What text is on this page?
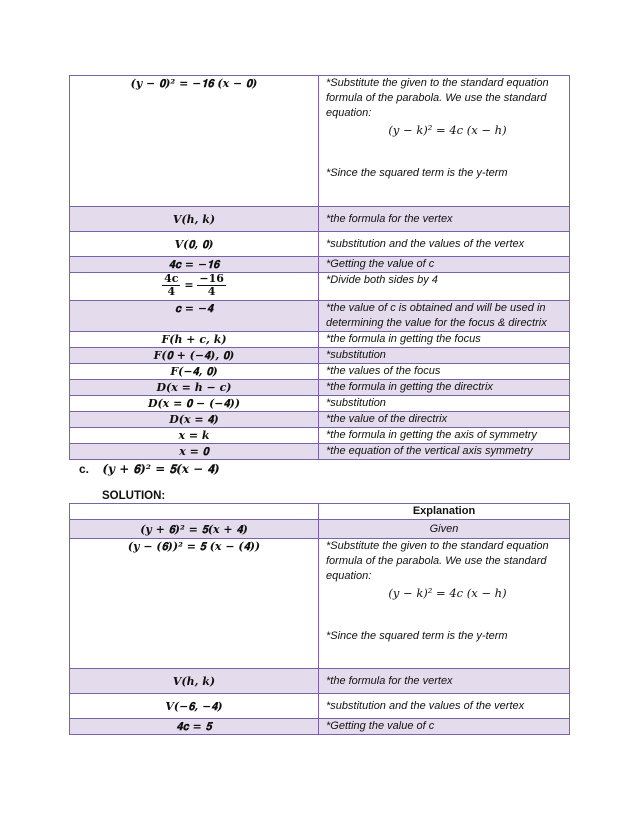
(𝒚 − 𝟎)² = −𝟏𝟔 (𝒙 − 𝟎)	*Substitute the given to the standard equation formula of the parabola. We use the standard equation:
(y − k)² = 4c (x − h)
*Since the squared term is the y-term

𝑽(𝒉, 𝒌)	*the formula for the vertex
𝑽(𝟎, 𝟎)	*substitution and the values of the vertex
𝟒𝐜 = −𝟏𝟔	*Getting the value of c

$\frac{\text{𝟒𝐜}}{𝟒} = \frac{-𝟏𝟔}{𝟒}$	*Divide both sides by 4
𝐜 = −𝟒	*the value of c is obtained and will be used in determining the value for the focus & directrix
𝑭(𝒉 + 𝒄, 𝒌)	*the formula in getting the focus
𝑭(𝟎 + (−𝟒), 𝟎)	*substitution
𝑭(−𝟒, 𝟎)	*the values of the focus
𝑫(𝒙 = 𝒉 − 𝒄)	*the formula in getting the directrix
𝑫(𝒙 = 𝟎 − (−𝟒))	*substitution
𝑫(𝒙 = 𝟒)	*the value of the directrix
𝒙 = 𝒌	*the formula in getting the axis of symmetry
𝒙 = 𝟎	*the equation of the vertical axis symmetry
c. (𝒚 + 𝟔)² = 𝟓(𝒙 − 𝟒)
SOLUTION:
	Explanation
(𝒚 + 𝟔)² = 𝟓(𝒙 + 𝟒)	Given
(𝒚 − (𝟔))² = 𝟓 (𝒙 − (𝟒))	*Substitute the given to the standard equation formula of the parabola. We use the standard equation:
(y − k)² = 4c (x − h)
*Since the squared term is the y-term

𝑽(𝒉, 𝒌)	*the formula for the vertex
𝑽(−𝟔, −𝟒)	*substitution and the values of the vertex
𝟒𝐜 = 𝟓	*Getting the value of c
